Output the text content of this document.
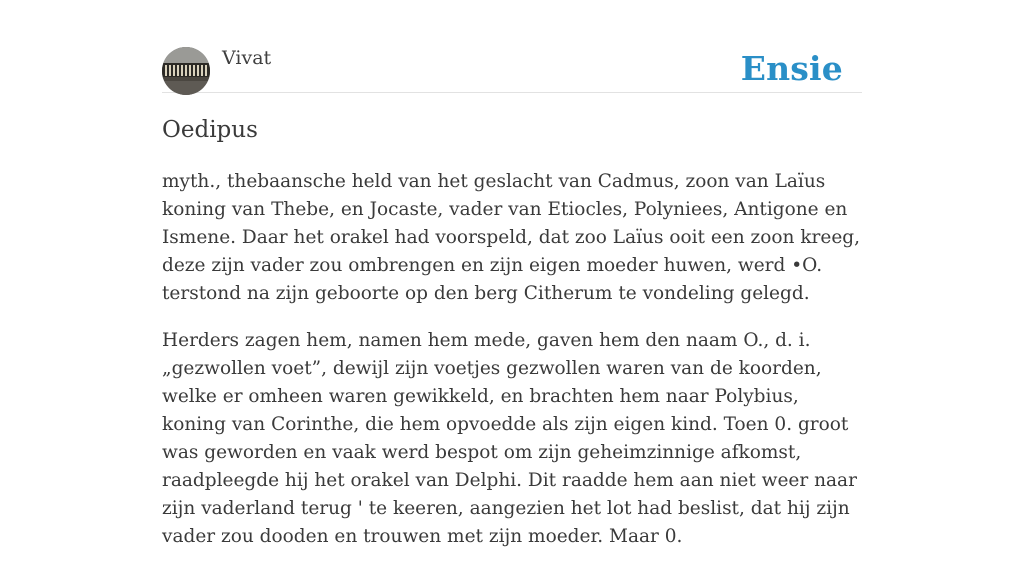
Vivat	Ensie
Oedipus

myth., thebaansche held van het geslacht van Cadmus, zoon van Laïus koning van Thebe, en Jocaste, vader van Etiocles, Polyniees, Antigone en Ismene. Daar het orakel had voorspeld, dat zoo Laïus ooit een zoon kreeg, deze zijn vader zou ombrengen en zijn eigen moeder huwen, werd •O. terstond na zijn geboorte op den berg Citherum te vondeling gelegd.

Herders zagen hem, namen hem mede, gaven hem den naam O., d. i. „gezwollen voet”, dewijl zijn voetjes gezwollen waren van de koorden, welke er omheen waren gewikkeld, en brachten hem naar Polybius, koning van Corinthe, die hem opvoedde als zijn eigen kind. Toen 0. groot was geworden en vaak werd bespot om zijn geheimzinnige afkomst, raadpleegde hij het orakel van Delphi. Dit raadde hem aan niet weer naar zijn vaderland terug ' te keeren, aangezien het lot had beslist, dat hij zijn vader zou dooden en trouwen met zijn moeder. Maar 0.
